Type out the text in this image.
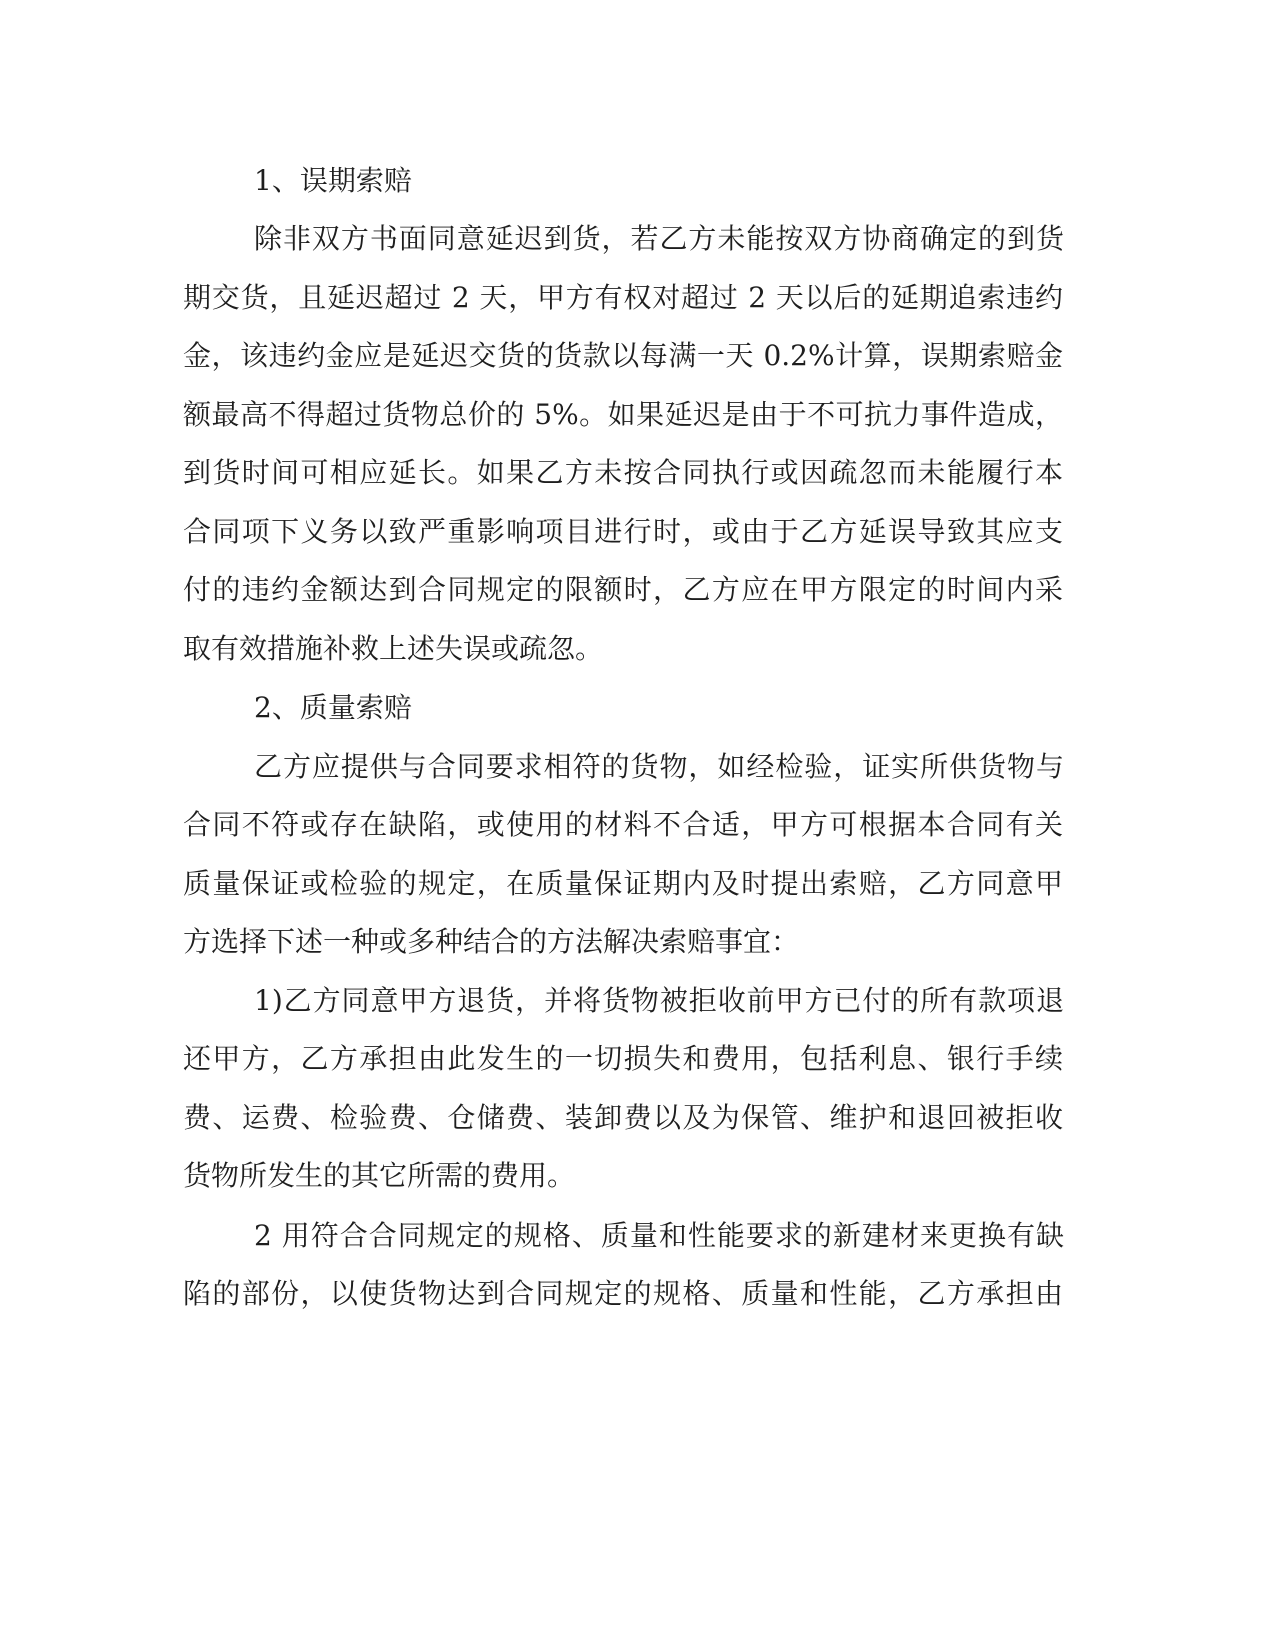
1、误期索赔
除非双方书面同意延迟到货，若乙方未能按双方协商确定的到货
期交货，且延迟超过 2 天，甲方有权对超过 2 天以后的延期追索违约
金，该违约金应是延迟交货的货款以每满一天 0.2%计算，误期索赔金
额最高不得超过货物总价的 5%。如果延迟是由于不可抗力事件造成，
到货时间可相应延长。如果乙方未按合同执行或因疏忽而未能履行本
合同项下义务以致严重影响项目进行时，或由于乙方延误导致其应支
付的违约金额达到合同规定的限额时，乙方应在甲方限定的时间内采
取有效措施补救上述失误或疏忽。
2、质量索赔
乙方应提供与合同要求相符的货物，如经检验，证实所供货物与
合同不符或存在缺陷，或使用的材料不合适，甲方可根据本合同有关
质量保证或检验的规定，在质量保证期内及时提出索赔，乙方同意甲
方选择下述一种或多种结合的方法解决索赔事宜：
1)乙方同意甲方退货，并将货物被拒收前甲方已付的所有款项退
还甲方，乙方承担由此发生的一切损失和费用，包括利息、银行手续
费、运费、检验费、仓储费、装卸费以及为保管、维护和退回被拒收
货物所发生的其它所需的费用。
2 用符合合同规定的规格、质量和性能要求的新建材来更换有缺
陷的部份，以使货物达到合同规定的规格、质量和性能，乙方承担由
